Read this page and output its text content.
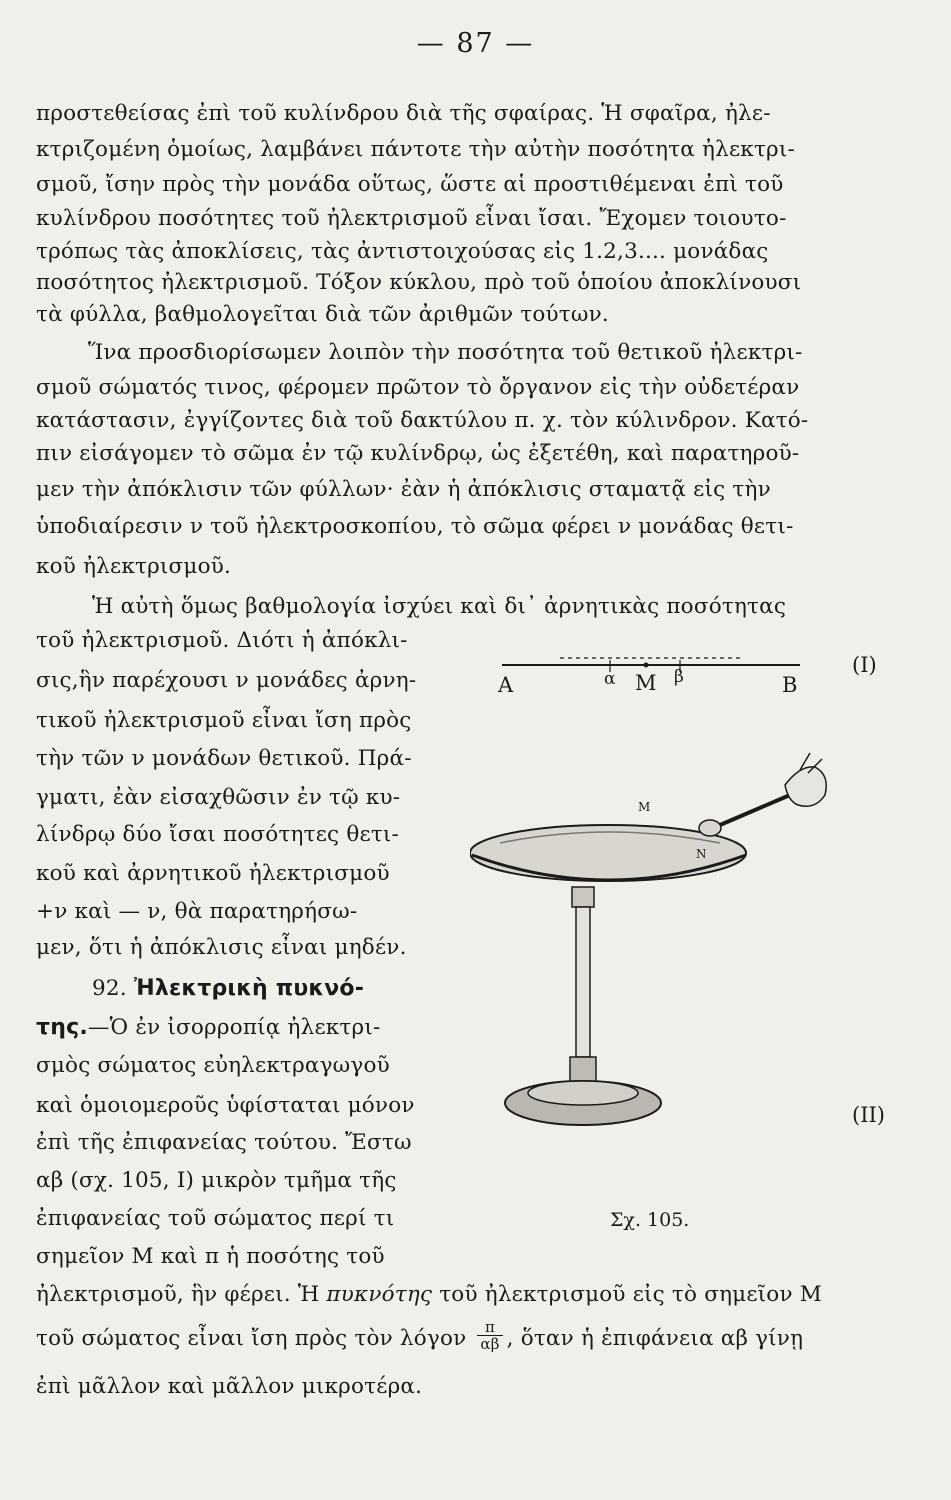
— 87 —
προστεθείσας ἐπὶ τοῦ κυλίνδρου διὰ τῆς σφαίρας. Ἡ σφαῖρα, ἠλε-
κτριζομένη ὁμοίως, λαμβάνει πάντοτε τὴν αὐτὴν ποσότητα ἠλεκτρι-
σμοῦ, ἴσην πρὸς τὴν μονάδα οὕτως, ὥστε αἱ προστιθέμεναι ἐπὶ τοῦ
κυλίνδρου ποσότητες τοῦ ἠλεκτρισμοῦ εἶναι ἴσαι. Ἔχομεν τοιουτο-
τρόπως τὰς ἀποκλίσεις, τὰς ἀντιστοιχούσας εἰς 1.2,3.... μονάδας
ποσότητος ἠλεκτρισμοῦ. Τόξον κύκλου, πρὸ τοῦ ὁποίου ἀποκλίνουσι
τὰ φύλλα, βαθμολογεῖται διὰ τῶν ἀριθμῶν τούτων.
Ἵνα προσδιορίσωμεν λοιπὸν τὴν ποσότητα τοῦ θετικοῦ ἠλεκτρι-
σμοῦ σώματός τινος, φέρομεν πρῶτον τὸ ὄργανον εἰς τὴν οὐδετέραν
κατάστασιν, ἐγγίζοντες διὰ τοῦ δακτύλου π. χ. τὸν κύλινδρον. Κατό-
πιν εἰσάγομεν τὸ σῶμα ἐν τῷ κυλίνδρῳ, ὡς ἐξετέθη, καὶ παρατηροῦ-
μεν τὴν ἀπόκλισιν τῶν φύλλων· ἐὰν ἡ ἀπόκλισις σταματᾷ εἰς τὴν
ὑποδιαίρεσιν ν τοῦ ἠλεκτροσκοπίου, τὸ σῶμα φέρει ν μονάδας θετι-
κοῦ ἠλεκτρισμοῦ.
Ἡ αὐτὴ ὅμως βαθμολογία ἰσχύει καὶ δι᾿ ἀρνητικὰς ποσότητας
τοῦ ἠλεκτρισμοῦ. Διότι ἡ ἀπόκλι-
σις,ἣν παρέχουσι ν μονάδες ἀρνη-
τικοῦ ἠλεκτρισμοῦ εἶναι ἴση πρὸς
τὴν τῶν ν μονάδων θετικοῦ. Πρά-
γματι, ἐὰν εἰσαχθῶσιν ἐν τῷ κυ-
λίνδρῳ δύο ἴσαι ποσότητες θετι-
κοῦ καὶ ἀρνητικοῦ ἠλεκτρισμοῦ
+ν καὶ — ν, θὰ παρατηρήσω-
μεν, ὅτι ἡ ἀπόκλισις εἶναι μηδέν.
92. Ἠλεκτρικὴ πυκνό-
της.—Ὁ ἐν ἰσορροπίᾳ ἠλεκτρι-
σμὸς σώματος εὐηλεκτραγωγοῦ
καὶ ὁμοιομεροῦς ὑφίσταται μόνον
ἐπὶ τῆς ἐπιφανείας τούτου. Ἔστω
αβ (σχ. 105, Ι) μικρὸν τμῆμα τῆς
ἐπιφανείας τοῦ σώματος περί τι
σημεῖον Μ καὶ π ἡ ποσότης τοῦ
ἠλεκτρισμοῦ, ἣν φέρει. Ἡ πυκνότης τοῦ ἠλεκτρισμοῦ εἰς τὸ σημεῖον Μ
τοῦ σώματος εἶναι ἴση πρὸς τὸν λόγον $\frac{\pi}{\alpha\beta}$ , ὅταν ἡ ἐπιφάνεια αβ γίνῃ
ἐπὶ μᾶλλον καὶ μᾶλλον μικροτέρα.
A	α M β	B
(I)
M
N
(II)
Σχ. 105.
